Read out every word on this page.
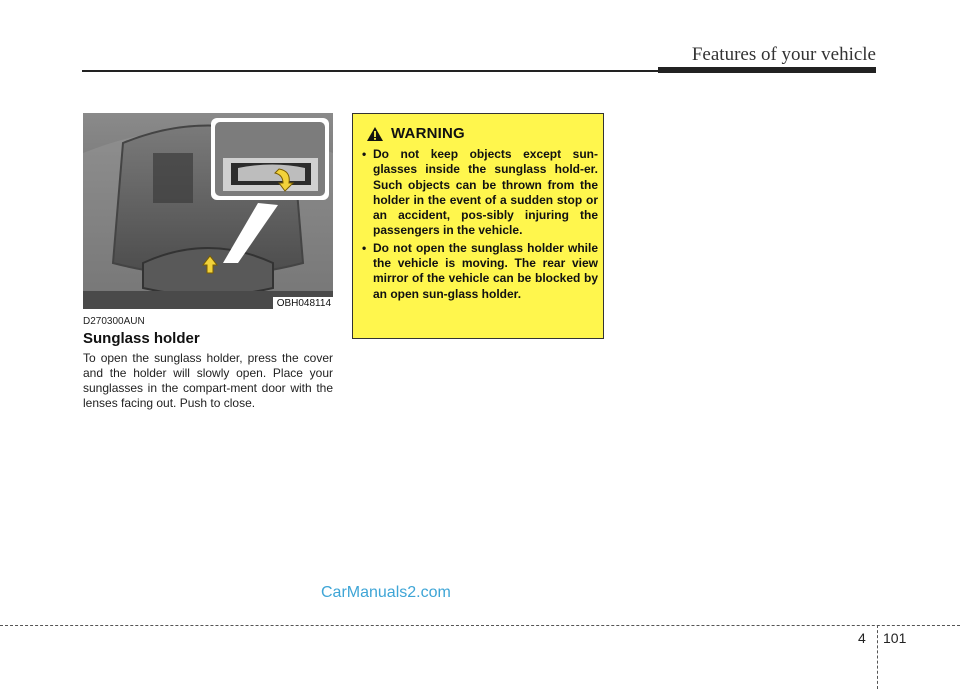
Features of your vehicle
OBH048114
D270300AUN
Sunglass holder

To open the sunglass holder, press the cover and the holder will slowly open. Place your sunglasses in the compart-ment door with the lenses facing out. Push to close.

WARNING
• Do not keep objects except sun-glasses inside the sunglass hold-er. Such objects can be thrown from the holder in the event of a sudden stop or an accident, pos-sibly injuring the passengers in the vehicle.
• Do not open the sunglass holder while the vehicle is moving. The rear view mirror of the vehicle can be blocked by an open sun-glass holder.
CarManuals2.com
4 101
